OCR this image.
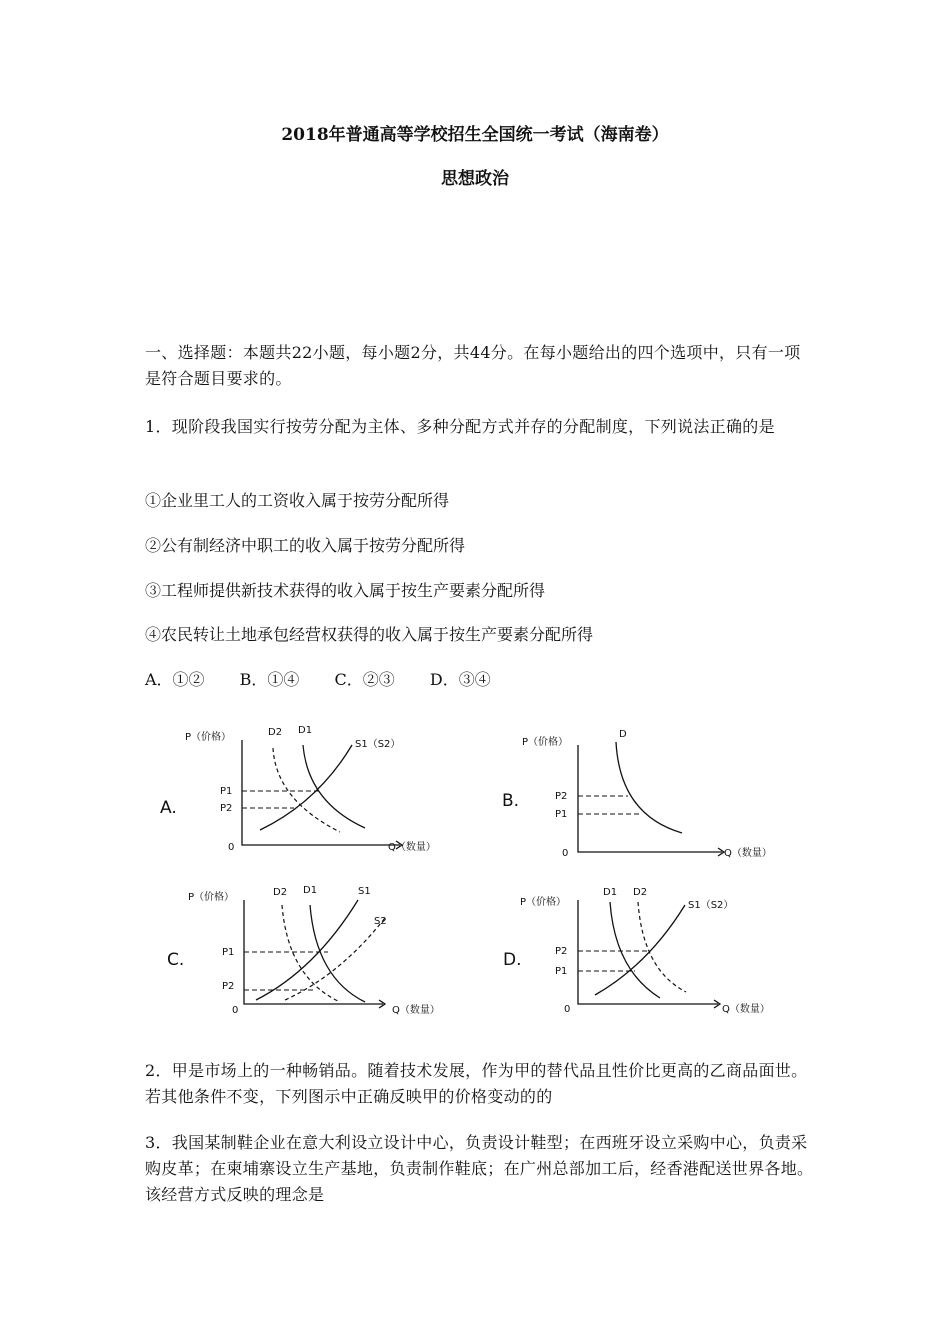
2018年普通高等学校招生全国统一考试（海南卷）
思想政治
一、选择题：本题共22小题，每小题2分，共44分。在每小题给出的四个选项中，只有一项是符合题目要求的。
1．现阶段我国实行按劳分配为主体、多种分配方式并存的分配制度，下列说法正确的是
①企业里工人的工资收入属于按劳分配所得
②公有制经济中职工的收入属于按劳分配所得
③工程师提供新技术获得的收入属于按生产要素分配所得
④农民转让土地承包经营权获得的收入属于按生产要素分配所得
A．①② B．①④ C．②③ D．③④
A.
P（价格）
0	Q（数量）
D2 D1
S1（S2）
P1
P2	B.
P（价格）
0	Q（数量）
D
P2
P1
C.
P（价格）
0	Q（数量）
D2 D1	S1
S2
P1
P2
D.
P（价格）
0	Q（数量）
D1 D2
S1（S2）
P2
P1
2．甲是市场上的一种畅销品。随着技术发展，作为甲的替代品且性价比更高的乙商品面世。若其他条件不变，下列图示中正确反映甲的价格变动的的
3．我国某制鞋企业在意大利设立设计中心，负责设计鞋型；在西班牙设立采购中心，负责采购皮革；在柬埔寨设立生产基地，负责制作鞋底；在广州总部加工后，经香港配送世界各地。该经营方式反映的理念是
